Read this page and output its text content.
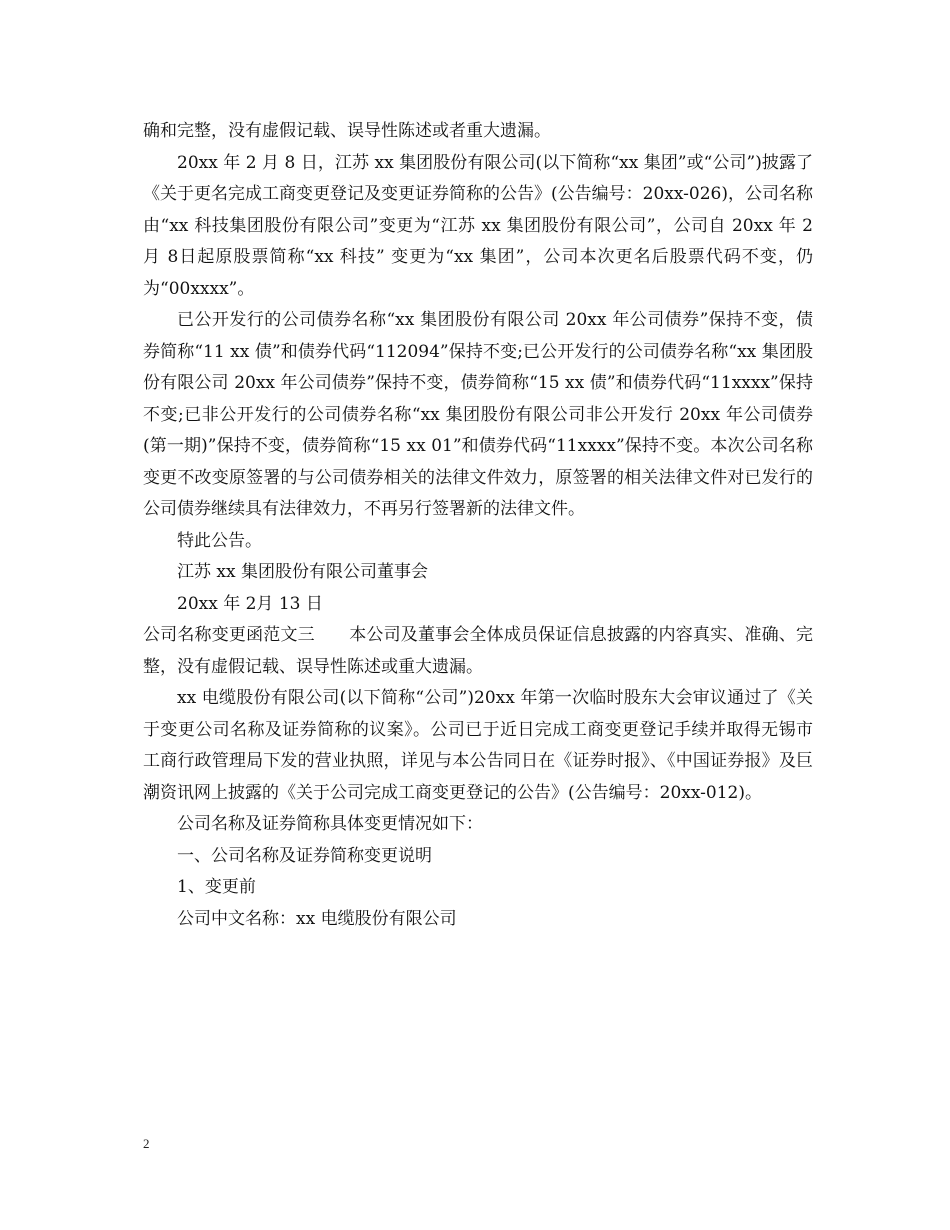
确和完整，没有虚假记载、误导性陈述或者重大遗漏。

20xx 年 2 月 8 日，江苏 xx 集团股份有限公司(以下简称“xx 集团”或“公司”)披露了《关于更名完成工商变更登记及变更证券简称的公告》(公告编号：20xx-026)，公司名称由“xx 科技集团股份有限公司”变更为“江苏 xx 集团股份有限公司”，公司自 20xx 年 2 月 8日起原股票简称“xx 科技” 变更为“xx 集团”，公司本次更名后股票代码不变，仍为“00xxxx”。

已公开发行的公司债券名称“xx 集团股份有限公司 20xx 年公司债券”保持不变，债券简称“11 xx 债”和债券代码“112094”保持不变;已公开发行的公司债券名称“xx 集团股份有限公司 20xx 年公司债券”保持不变，债券简称“15 xx 债”和债券代码“11xxxx”保持不变;已非公开发行的公司债券名称“xx 集团股份有限公司非公开发行 20xx 年公司债券(第一期)”保持不变，债券简称“15 xx 01”和债券代码“11xxxx”保持不变。本次公司名称变更不改变原签署的与公司债券相关的法律文件效力，原签署的相关法律文件对已发行的公司债券继续具有法律效力，不再另行签署新的法律文件。

特此公告。

江苏 xx 集团股份有限公司董事会

20xx 年 2月 13 日

公司名称变更函范文三　　本公司及董事会全体成员保证信息披露的内容真实、准确、完整，没有虚假记载、误导性陈述或重大遗漏。

xx 电缆股份有限公司(以下简称“公司”)20xx 年第一次临时股东大会审议通过了《关于变更公司名称及证券简称的议案》。公司已于近日完成工商变更登记手续并取得无锡市工商行政管理局下发的营业执照，详见与本公告同日在《证券时报》、《中国证券报》及巨潮资讯网上披露的《关于公司完成工商变更登记的公告》(公告编号：20xx-012)。

公司名称及证券简称具体变更情况如下：

一、公司名称及证券简称变更说明

1、变更前

公司中文名称：xx 电缆股份有限公司

2
